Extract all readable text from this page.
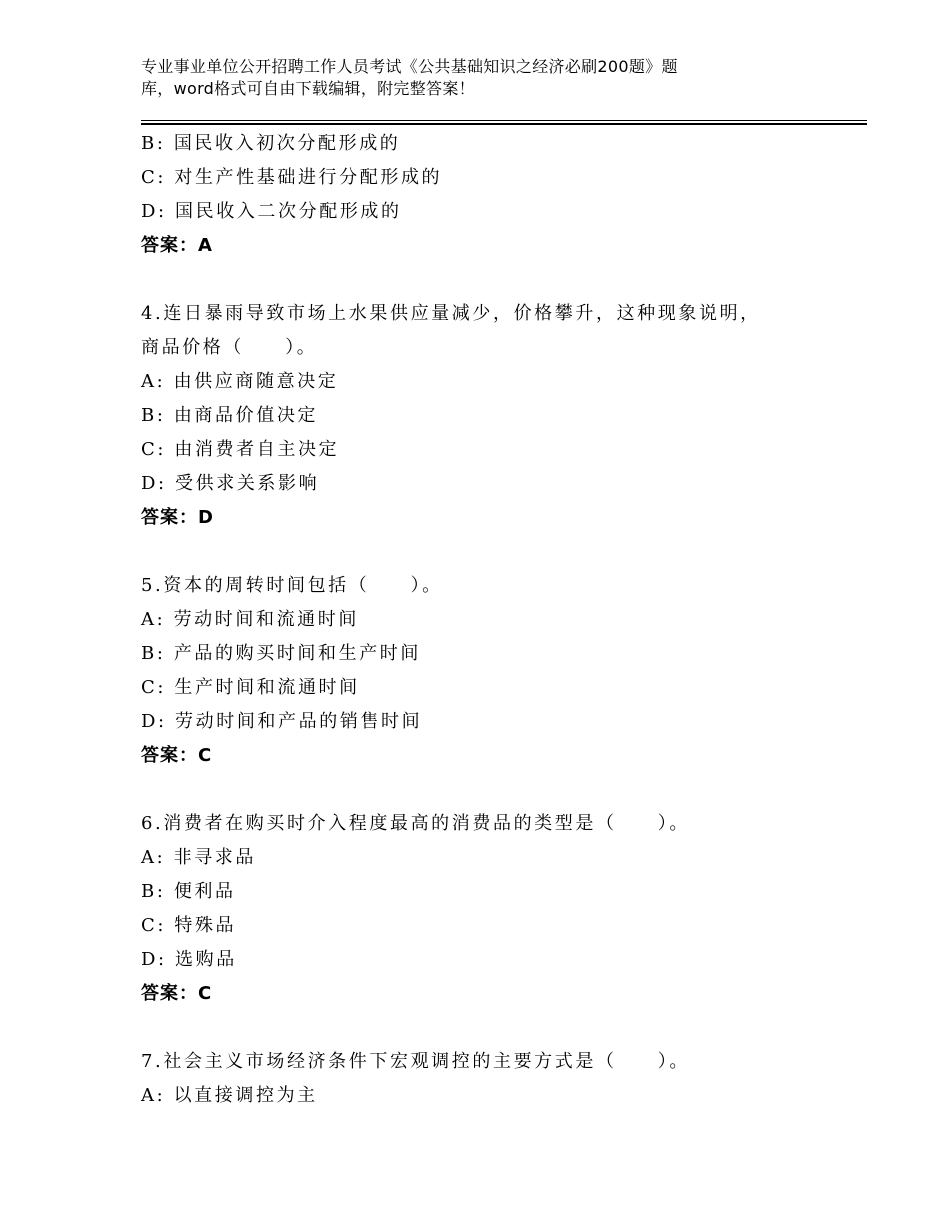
专业事业单位公开招聘工作人员考试《公共基础知识之经济必刷200题》题
库，word格式可自由下载编辑，附完整答案！
B: 国民收入初次分配形成的
C: 对生产性基础进行分配形成的
D: 国民收入二次分配形成的
答案：A
4.连日暴雨导致市场上水果供应量减少，价格攀升，这种现象说明，
商品价格（　　）。
A: 由供应商随意决定
B: 由商品价值决定
C: 由消费者自主决定
D: 受供求关系影响
答案：D
5.资本的周转时间包括（　　）。
A: 劳动时间和流通时间
B: 产品的购买时间和生产时间
C: 生产时间和流通时间
D: 劳动时间和产品的销售时间
答案：C
6.消费者在购买时介入程度最高的消费品的类型是（　　）。
A: 非寻求品
B: 便利品
C: 特殊品
D: 选购品
答案：C
7.社会主义市场经济条件下宏观调控的主要方式是（　　）。
A: 以直接调控为主
